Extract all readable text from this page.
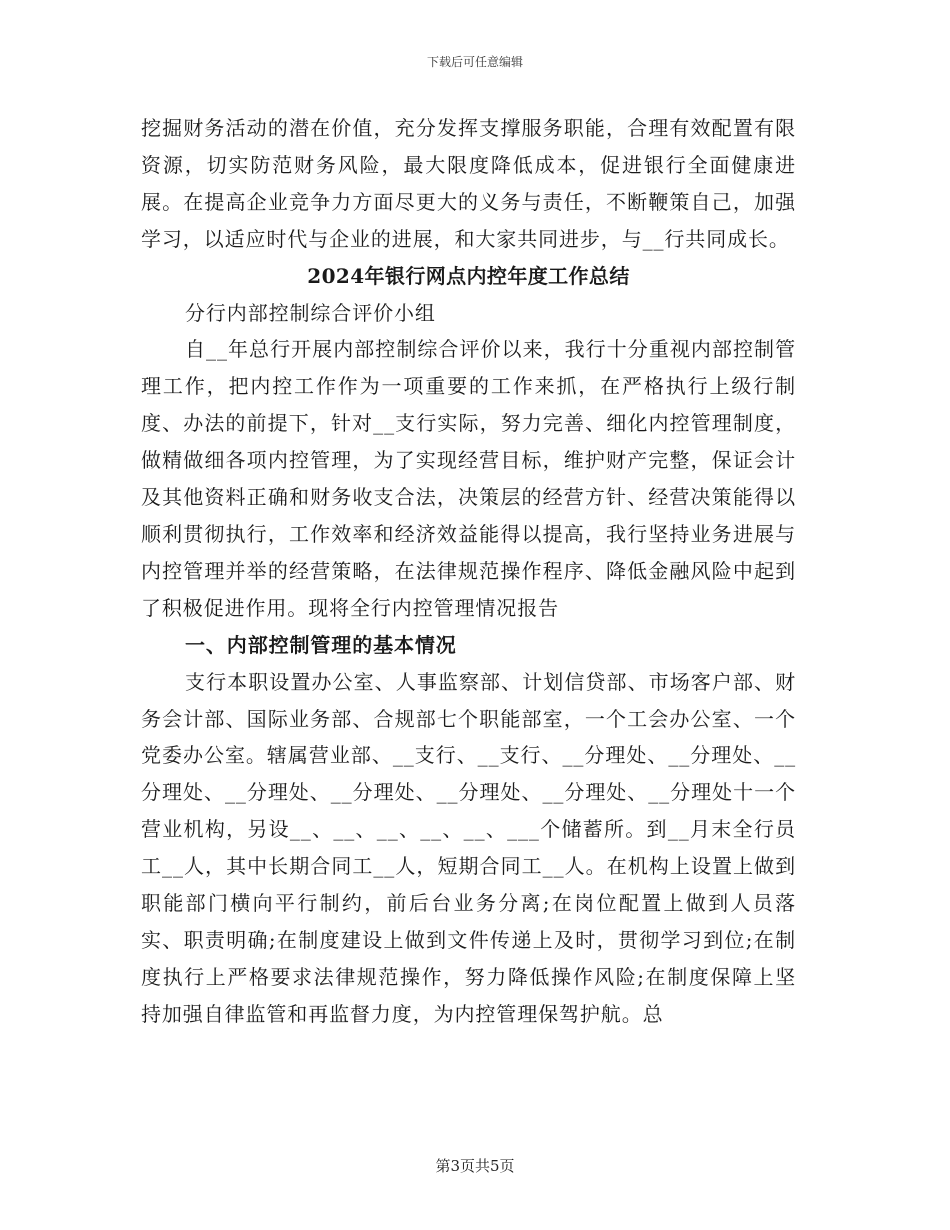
下载后可任意编辑

挖掘财务活动的潜在价值，充分发挥支撑服务职能，合理有效配置有限资源，切实防范财务风险，最大限度降低成本，促进银行全面健康进展。在提高企业竞争力方面尽更大的义务与责任，不断鞭策自己，加强学习，以适应时代与企业的进展，和大家共同进步，与__行共同成长。

2024年银行网点内控年度工作总结

分行内部控制综合评价小组

自__年总行开展内部控制综合评价以来，我行十分重视内部控制管理工作，把内控工作作为一项重要的工作来抓，在严格执行上级行制度、办法的前提下，针对__支行实际，努力完善、细化内控管理制度，做精做细各项内控管理，为了实现经营目标，维护财产完整，保证会计及其他资料正确和财务收支合法，决策层的经营方针、经营决策能得以顺利贯彻执行，工作效率和经济效益能得以提高，我行坚持业务进展与内控管理并举的经营策略，在法律规范操作程序、降低金融风险中起到了积极促进作用。现将全行内控管理情况报告

一、内部控制管理的基本情况

支行本职设置办公室、人事监察部、计划信贷部、市场客户部、财务会计部、国际业务部、合规部七个职能部室，一个工会办公室、一个党委办公室。辖属营业部、__支行、__支行、__分理处、__分理处、__分理处、__分理处、__分理处、__分理处、__分理处、__分理处十一个营业机构，另设__、__、__、__、__、___个储蓄所。到__月末全行员工__人，其中长期合同工__人，短期合同工__人。在机构上设置上做到职能部门横向平行制约，前后台业务分离;在岗位配置上做到人员落实、职责明确;在制度建设上做到文件传递上及时，贯彻学习到位;在制度执行上严格要求法律规范操作，努力降低操作风险;在制度保障上坚持加强自律监管和再监督力度，为内控管理保驾护航。总

第3页共5页
